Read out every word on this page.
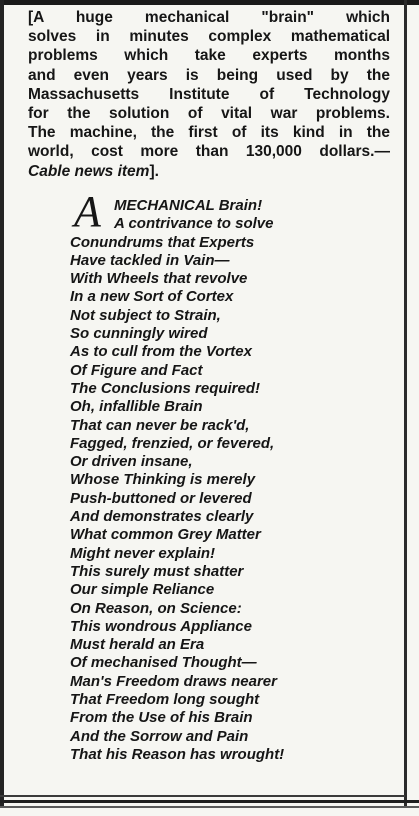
[A huge mechanical "brain" which
solves in minutes complex mathematical
problems which take experts months
and even years is being used by the
Massachusetts Institute of Technology
for the solution of vital war problems.
The machine, the first of its kind in the
world, cost more than 130,000 dollars.—
Cable news item].
A MECHANICAL Brain!
A contrivance to solve
Conundrums that Experts
Have tackled in Vain—
With Wheels that revolve
In a new Sort of Cortex
Not subject to Strain,
So cunningly wired
As to cull from the Vortex
Of Figure and Fact
The Conclusions required!
Oh, infallible Brain
That can never be rack'd,
Fagged, frenzied, or fevered,
Or driven insane,
Whose Thinking is merely
Push-buttoned or levered
And demonstrates clearly
What common Grey Matter
Might never explain!
This surely must shatter
Our simple Reliance
On Reason, on Science:
This wondrous Appliance
Must herald an Era
Of mechanised Thought—
Man's Freedom draws nearer
That Freedom long sought
From the Use of his Brain
And the Sorrow and Pain
That his Reason has wrought!
